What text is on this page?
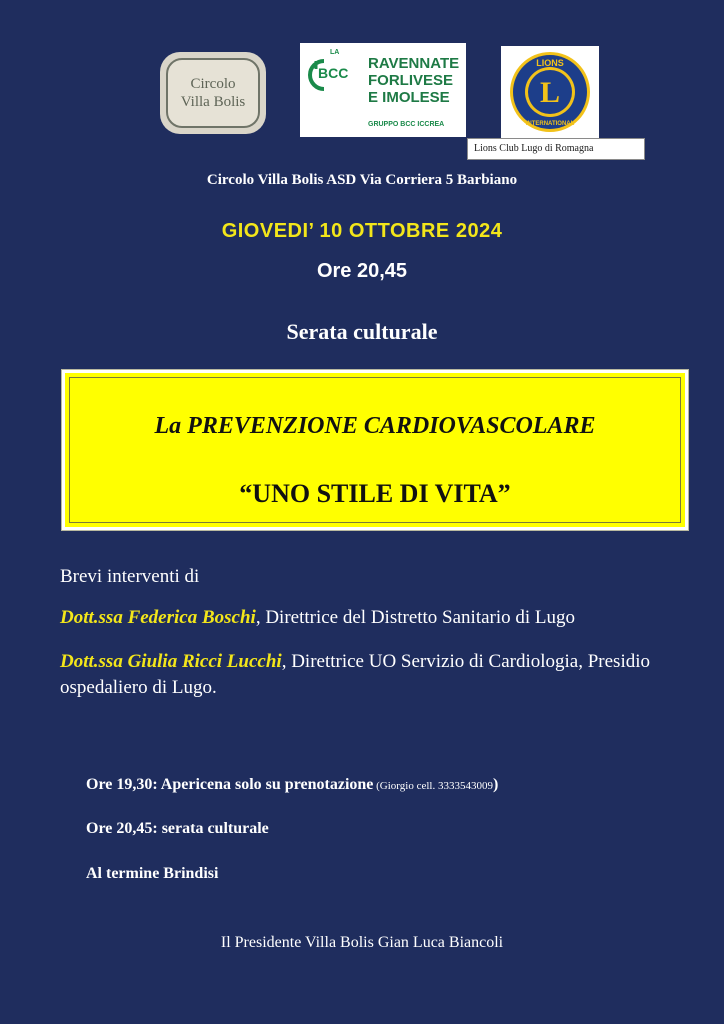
Circolo
Villa Bolis
LA
BCC
RAVENNATE
FORLIVESE
E IMOLESE
GRUPPO BCC ICCREA
L
LIONS
INTERNATIONAL
Lions Club Lugo di Romagna
Circolo Villa Bolis ASD Via Corriera 5 Barbiano
GIOVEDI’ 10 OTTOBRE 2024
Ore 20,45
Serata culturale
La PREVENZIONE CARDIOVASCOLARE
“UNO STILE DI VITA”
Brevi interventi di
Dott.ssa Federica Boschi, Direttrice del Distretto Sanitario di Lugo
Dott.ssa Giulia Ricci Lucchi, Direttrice UO Servizio di Cardiologia, Presidio ospedaliero di Lugo.
Ore 19,30: Apericena solo su prenotazione (Giorgio cell. 3333543009)
Ore 20,45: serata culturale
Al termine Brindisi
Il Presidente Villa Bolis Gian Luca Biancoli
